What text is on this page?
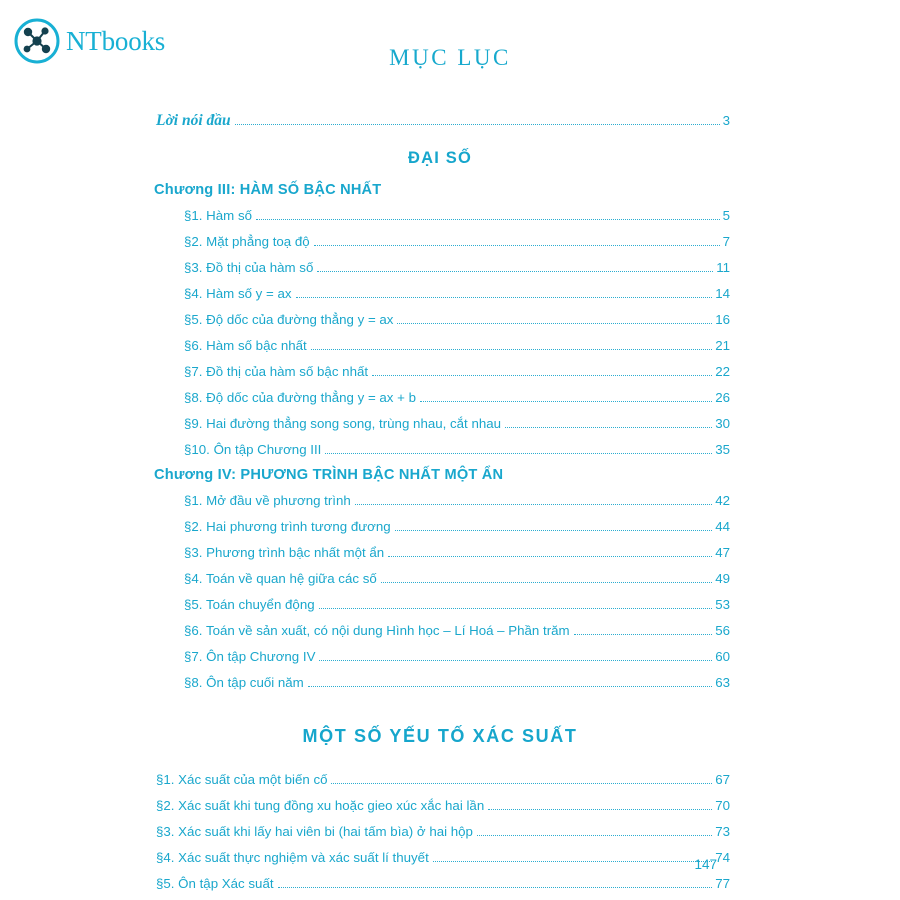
NTbooks
MỤC LỤC
Lời nói đầu	3
ĐẠI SỐ
Chương III: HÀM SỐ BẬC NHẤT
§1. Hàm số	5
§2. Mặt phẳng toạ độ	7
§3. Đồ thị của hàm số	11
§4. Hàm số y = ax	14
§5. Độ dốc của đường thẳng y = ax	16
§6. Hàm số bậc nhất	21
§7. Đồ thị của hàm số bậc nhất	22
§8. Độ dốc của đường thẳng y = ax + b	26
§9. Hai đường thẳng song song, trùng nhau, cắt nhau	30
§10. Ôn tập Chương III	35
Chương IV: PHƯƠNG TRÌNH BẬC NHẤT MỘT ẨN
§1. Mở đầu về phương trình	42
§2. Hai phương trình tương đương	44
§3. Phương trình bậc nhất một ẩn	47
§4. Toán về quan hệ giữa các số	49
§5. Toán chuyển động	53
§6. Toán về sản xuất, có nội dung Hình học – Lí Hoá – Phần trăm	56
§7. Ôn tập Chương IV	60
§8. Ôn tập cuối năm	63
MỘT SỐ YẾU TỐ XÁC SUẤT
§1. Xác suất của một biến cố	67
§2. Xác suất khi tung đồng xu hoặc gieo xúc xắc hai lần	70
§3. Xác suất khi lấy hai viên bi (hai tấm bìa) ở hai hộp	73
§4. Xác suất thực nghiệm và xác suất lí thuyết	74
§5. Ôn tập Xác suất	77
147
